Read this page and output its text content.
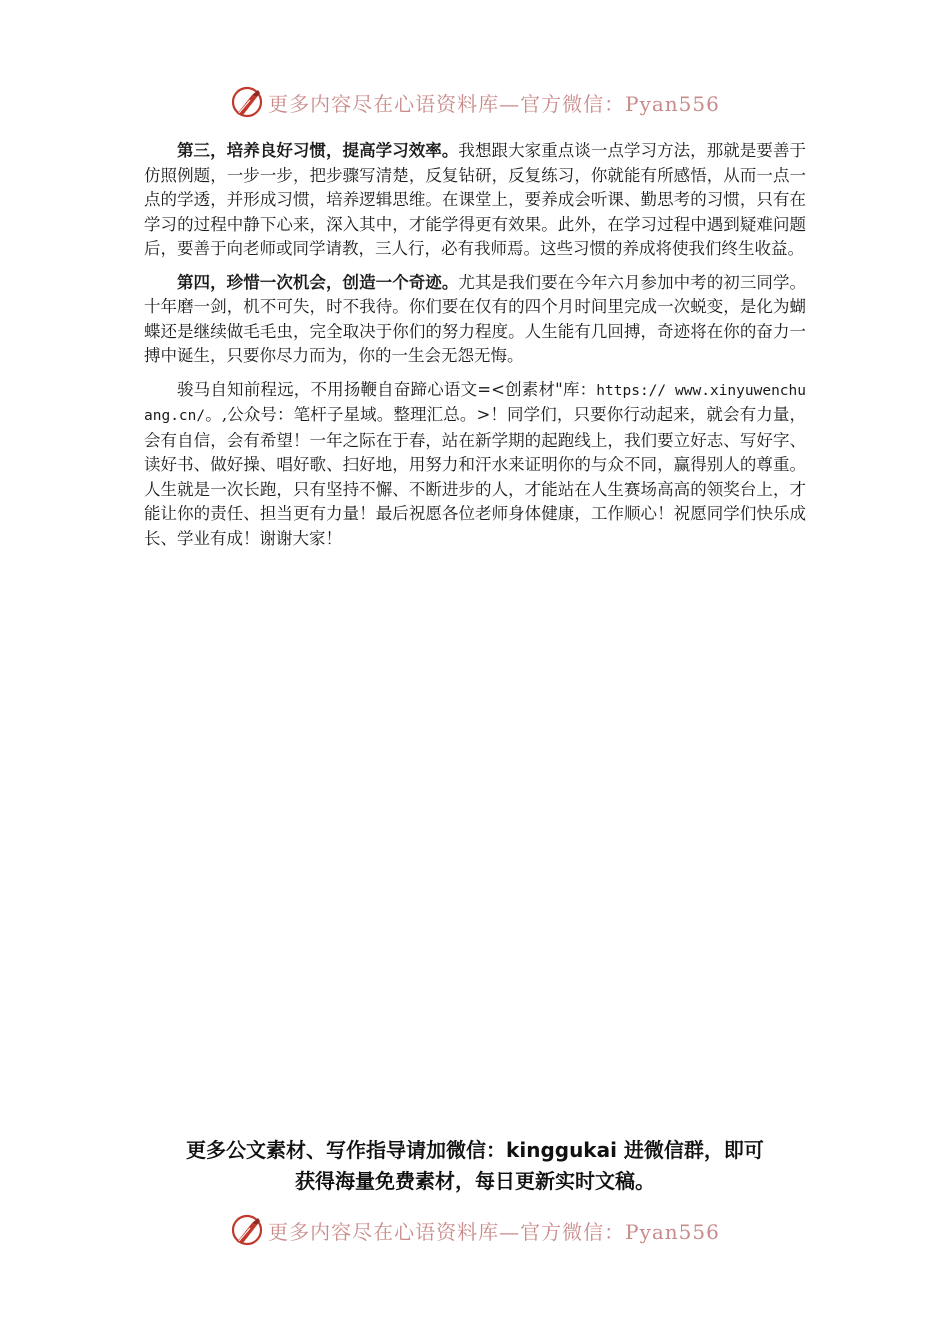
更多内容尽在心语资料库—官方微信：Pyan556

第三，培养良好习惯，提高学习效率。我想跟大家重点谈一点学习方法，那就是要善于仿照例题，一步一步，把步骤写清楚，反复钻研，反复练习，你就能有所感悟，从而一点一点的学透，并形成习惯，培养逻辑思维。在课堂上，要养成会听课、勤思考的习惯，只有在学习的过程中静下心来，深入其中，才能学得更有效果。此外，在学习过程中遇到疑难问题后，要善于向老师或同学请教，三人行，必有我师焉。这些习惯的养成将使我们终生收益。

第四，珍惜一次机会，创造一个奇迹。尤其是我们要在今年六月参加中考的初三同学。十年磨一剑，机不可失，时不我待。你们要在仅有的四个月时间里完成一次蜕变，是化为蝴蝶还是继续做毛毛虫，完全取决于你们的努力程度。人生能有几回搏，奇迹将在你的奋力一搏中诞生，只要你尽力而为，你的一生会无怨无悔。

骏马自知前程远，不用扬鞭自奋蹄心语文=<创素材"库：https:// www.xinyuwenchuang.cn/。,公众号：笔杆子星域。整理汇总。>！同学们，只要你行动起来，就会有力量，会有自信，会有希望！一年之际在于春，站在新学期的起跑线上，我们要立好志、写好字、读好书、做好操、唱好歌、扫好地，用努力和汗水来证明你的与众不同，赢得别人的尊重。人生就是一次长跑，只有坚持不懈、不断进步的人，才能站在人生赛场高高的领奖台上，才能让你的责任、担当更有力量！最后祝愿各位老师身体健康，工作顺心！祝愿同学们快乐成长、学业有成！谢谢大家！

更多公文素材、写作指导请加微信：kinggukai 进微信群，即可
获得海量免费素材，每日更新实时文稿。
更多内容尽在心语资料库—官方微信：Pyan556
